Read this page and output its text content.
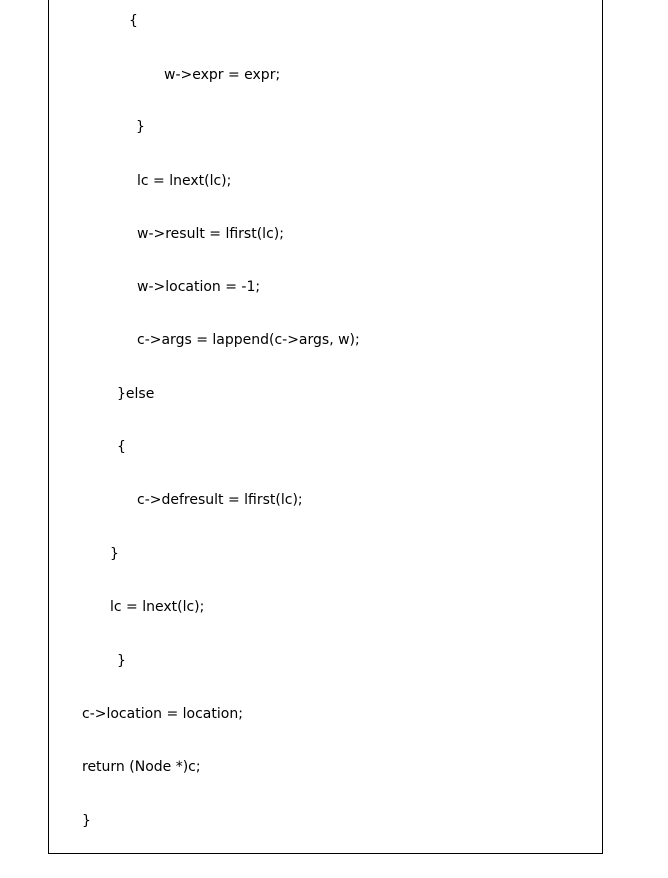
{
w->expr = expr;
}
lc = lnext(lc);
w->result = lfirst(lc);
w->location = -1;
c->args = lappend(c->args, w);
}else
{
c->defresult = lfirst(lc);
}
lc = lnext(lc);
}
c->location = location;
return (Node *)c;
}
